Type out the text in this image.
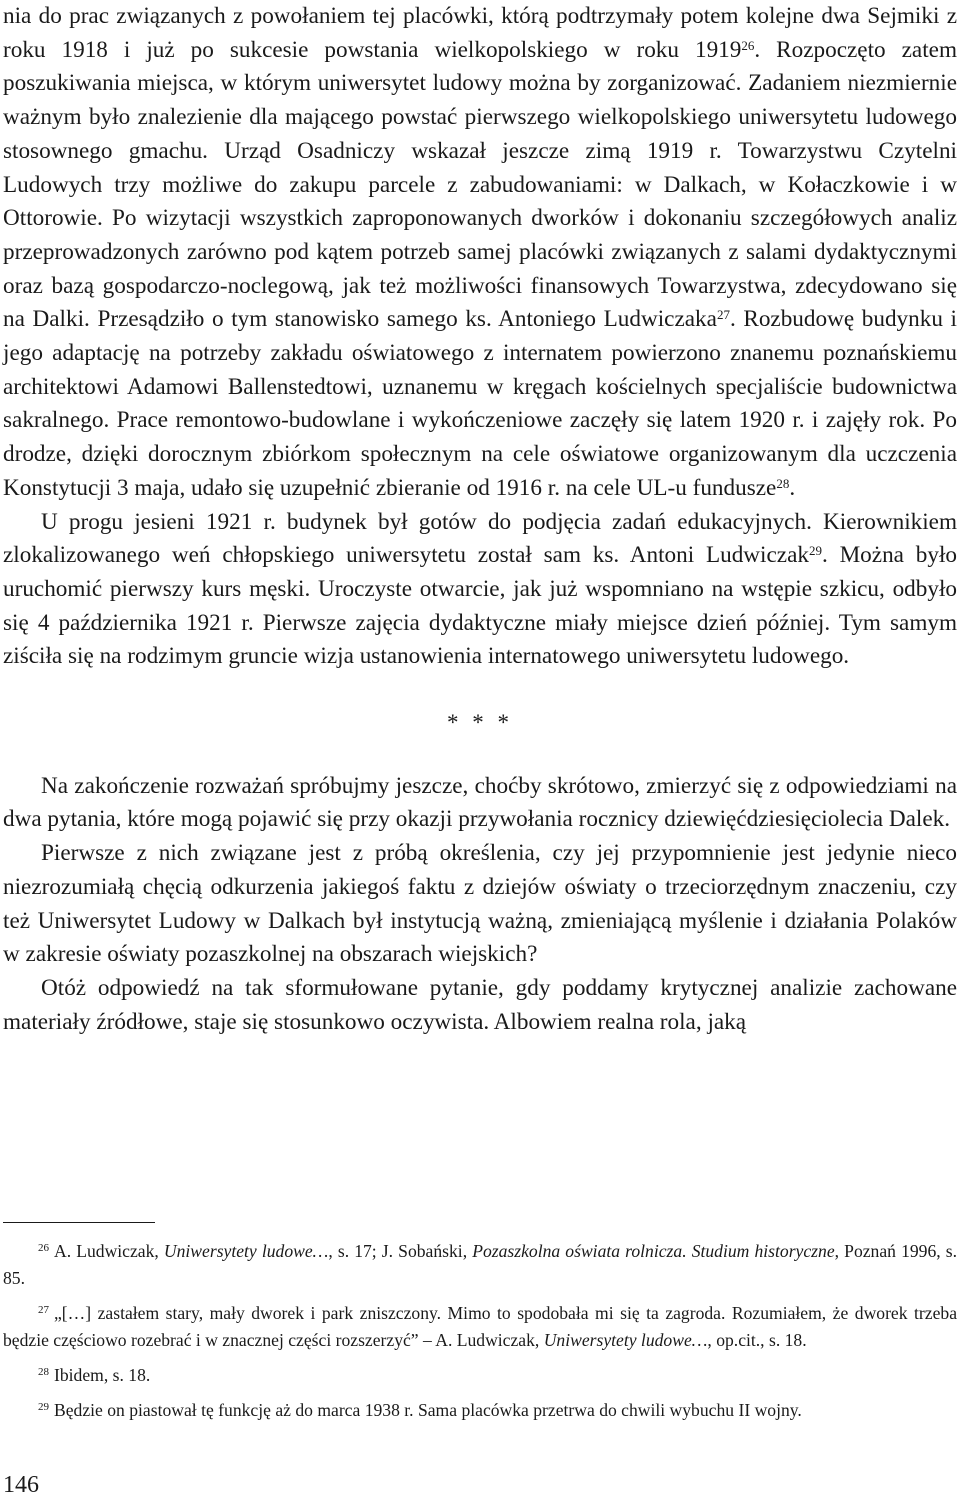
nia do prac związanych z powołaniem tej placówki, którą podtrzymały potem kolejne dwa Sejmiki z roku 1918 i już po sukcesie powstania wielkopolskiego w roku 1919$^{26}$. Rozpoczęto zatem poszukiwania miejsca, w którym uniwersytet ludowy można by zorganizować. Zadaniem niezmiernie ważnym było znalezienie dla mającego powstać pierwszego wielkopolskiego uniwersytetu ludowego stosownego gmachu. Urząd Osadniczy wskazał jeszcze zimą 1919 r. Towarzystwu Czytelni Ludowych trzy możliwe do zakupu parcele z zabudowaniami: w Dalkach, w Kołaczkowie i w Ottorowie. Po wizytacji wszystkich zaproponowanych dworków i dokonaniu szczegółowych analiz przeprowadzonych zarówno pod kątem potrzeb samej placówki związanych z salami dydaktycznymi oraz bazą gospodarczo-noclegową, jak też możliwości finansowych Towarzystwa, zdecydowano się na Dalki. Przesądziło o tym stanowisko samego ks. Antoniego Ludwiczaka$^{27}$. Rozbudowę budynku i jego adaptację na potrzeby zakładu oświatowego z internatem powierzono znanemu poznańskiemu architektowi Adamowi Ballenstedtowi, uznanemu w kręgach kościelnych specjaliście budownictwa sakralnego. Prace remontowo-budowlane i wykończeniowe zaczęły się latem 1920 r. i zajęły rok. Po drodze, dzięki dorocznym zbiórkom społecznym na cele oświatowe organizowanym dla uczczenia Konstytucji 3 maja, udało się uzupełnić zbieranie od 1916 r. na cele UL-u fundusze$^{28}$.

U progu jesieni 1921 r. budynek był gotów do podjęcia zadań edukacyjnych. Kierownikiem zlokalizowanego weń chłopskiego uniwersytetu został sam ks. Antoni Ludwiczak$^{29}$. Można było uruchomić pierwszy kurs męski. Uroczyste otwarcie, jak już wspomniano na wstępie szkicu, odbyło się 4 października 1921 r. Pierwsze zajęcia dydaktyczne miały miejsce dzień później. Tym samym ziściła się na rodzimym gruncie wizja ustanowienia internatowego uniwersytetu ludowego.

* * *

Na zakończenie rozważań spróbujmy jeszcze, choćby skrótowo, zmierzyć się z odpowiedziami na dwa pytania, które mogą pojawić się przy okazji przywołania rocznicy dziewięćdziesięciolecia Dalek.

Pierwsze z nich związane jest z próbą określenia, czy jej przypomnienie jest jedynie nieco niezrozumiałą chęcią odkurzenia jakiegoś faktu z dziejów oświaty o trzeciorzędnym znaczeniu, czy też Uniwersytet Ludowy w Dalkach był instytucją ważną, zmieniającą myślenie i działania Polaków w zakresie oświaty pozaszkolnej na obszarach wiejskich?

Otóż odpowiedź na tak sformułowane pytanie, gdy poddamy krytycznej analizie zachowane materiały źródłowe, staje się stosunkowo oczywista. Albowiem realna rola, jaką

$^{26}$ A. Ludwiczak, Uniwersytety ludowe…, s. 17; J. Sobański, Pozaszkolna oświata rolnicza. Studium historyczne, Poznań 1996, s. 85.

$^{27}$ „[…] zastałem stary, mały dworek i park zniszczony. Mimo to spodobała mi się ta zagroda. Rozumiałem, że dworek trzeba będzie częściowo rozebrać i w znacznej części rozszerzyć” – A. Ludwiczak, Uniwersytety ludowe…, op.cit., s. 18.

$^{28}$ Ibidem, s. 18.

$^{29}$ Będzie on piastował tę funkcję aż do marca 1938 r. Sama placówka przetrwa do chwili wybuchu II wojny.

146
